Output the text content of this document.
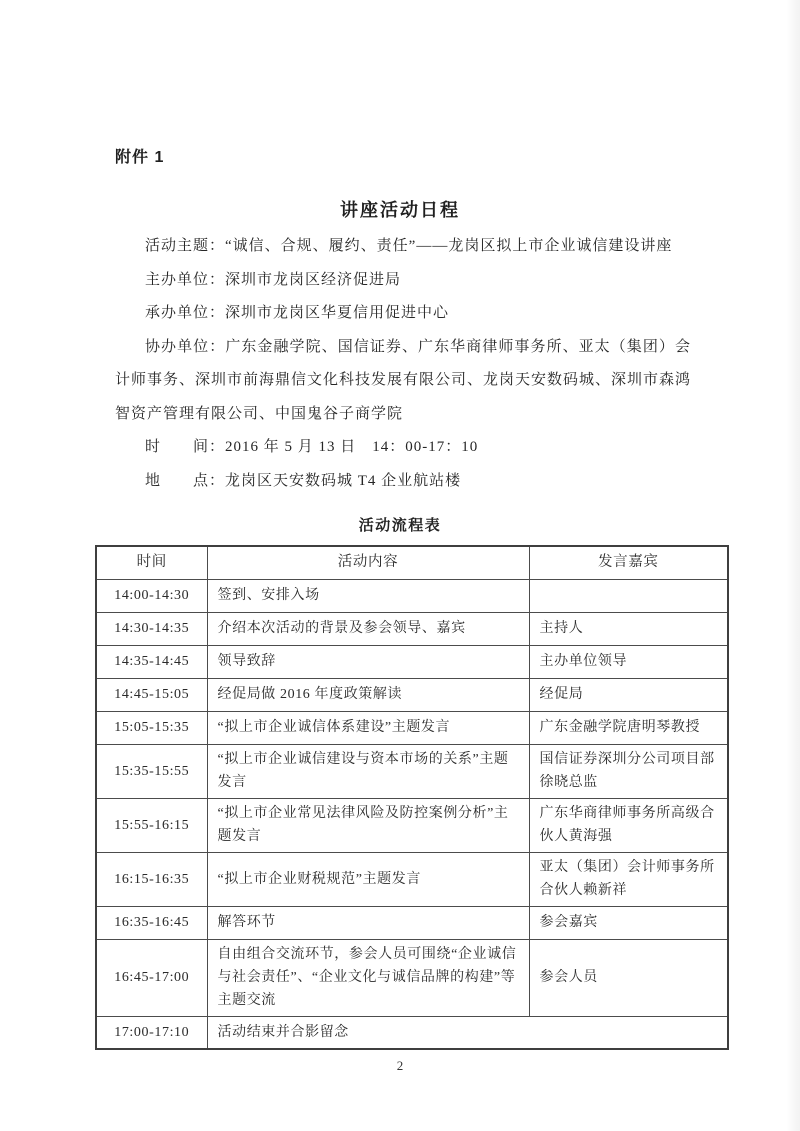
附件 1
讲座活动日程

活动主题：“诚信、合规、履约、责任”——龙岗区拟上市企业诚信建设讲座

主办单位：深圳市龙岗区经济促进局

承办单位：深圳市龙岗区华夏信用促进中心

协办单位：广东金融学院、国信证券、广东华商律师事务所、亚太（集团）会计师事务、深圳市前海鼎信文化科技发展有限公司、龙岗天安数码城、深圳市森鸿智资产管理有限公司、中国鬼谷子商学院

时　　间：2016 年 5 月 13 日　14：00-17：10

地　　点：龙岗区天安数码城 T4 企业航站楼

活动流程表
时间	活动内容	发言嘉宾
14:00-14:30	签到、安排入场	
14:30-14:35	介绍本次活动的背景及参会领导、嘉宾	主持人
14:35-14:45	领导致辞	主办单位领导
14:45-15:05	经促局做 2016 年度政策解读	经促局
15:05-15:35	“拟上市企业诚信体系建设”主题发言	广东金融学院唐明琴教授
15:35-15:55	“拟上市企业诚信建设与资本市场的关系”主题发言	国信证券深圳分公司项目部徐晓总监
15:55-16:15	“拟上市企业常见法律风险及防控案例分析”主题发言	广东华商律师事务所高级合伙人黄海强
16:15-16:35	“拟上市企业财税规范”主题发言	亚太（集团）会计师事务所合伙人赖新祥
16:35-16:45	解答环节	参会嘉宾
16:45-17:00	自由组合交流环节，参会人员可围绕“企业诚信与社会责任”、“企业文化与诚信品牌的构建”等主题交流	参会人员
17:00-17:10	活动结束并合影留念	
2
